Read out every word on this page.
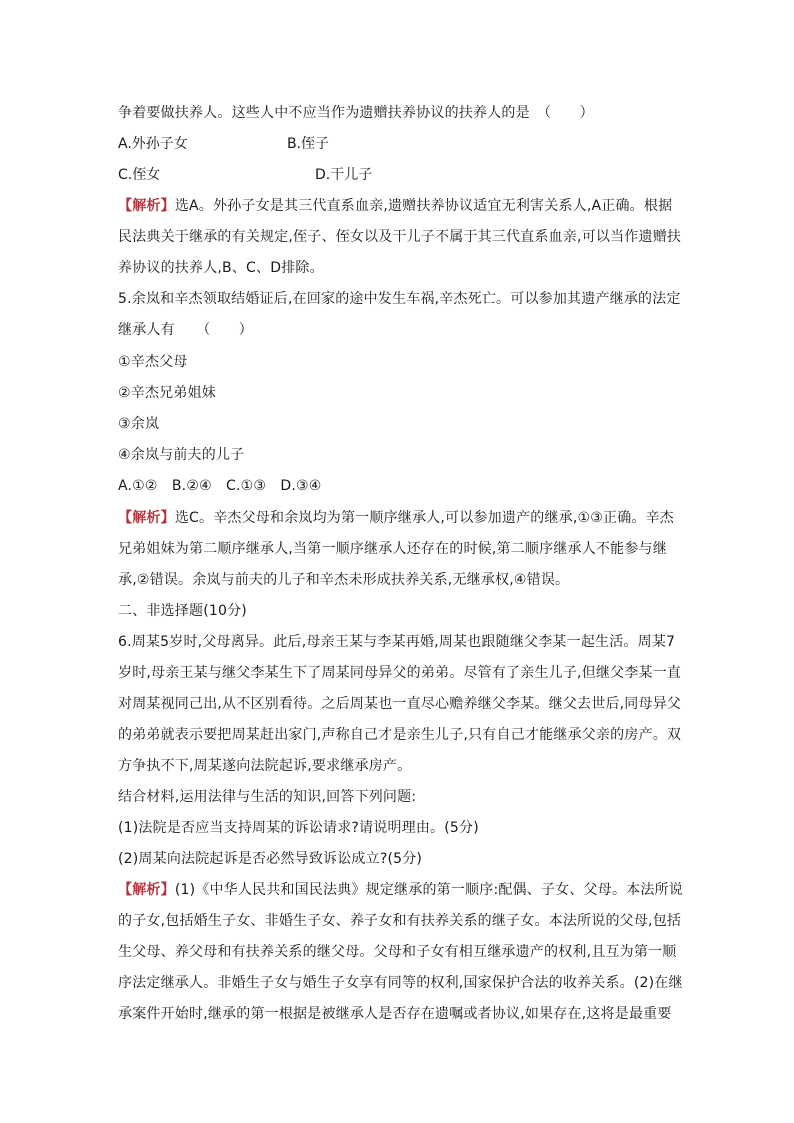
争着要做扶养人。这些人中不应当作为遗赠扶养协议的扶养人的是　（　　）
A.外孙子女	B.侄子
C.侄女	D.干儿子
【解析】选A。外孙子女是其三代直系血亲,遗赠扶养协议适宜无利害关系人,A正确。根据
民法典关于继承的有关规定,侄子、侄女以及干儿子不属于其三代直系血亲,可以当作遗赠扶
养协议的扶养人,B、C、D排除。
5.余岚和辛杰领取结婚证后,在回家的途中发生车祸,辛杰死亡。可以参加其遗产继承的法定
继承人有　　（　　）
①辛杰父母
②辛杰兄弟姐妹
③余岚
④余岚与前夫的儿子
A.①②　B.②④　C.①③　D.③④
【解析】选C。辛杰父母和余岚均为第一顺序继承人,可以参加遗产的继承,①③正确。辛杰
兄弟姐妹为第二顺序继承人,当第一顺序继承人还存在的时候,第二顺序继承人不能参与继
承,②错误。余岚与前夫的儿子和辛杰未形成扶养关系,无继承权,④错误。
二、非选择题(10分)
6.周某5岁时,父母离异。此后,母亲王某与李某再婚,周某也跟随继父李某一起生活。周某7
岁时,母亲王某与继父李某生下了周某同母异父的弟弟。尽管有了亲生儿子,但继父李某一直
对周某视同己出,从不区别看待。之后周某也一直尽心赡养继父李某。继父去世后,同母异父
的弟弟就表示要把周某赶出家门,声称自己才是亲生儿子,只有自己才能继承父亲的房产。双
方争执不下,周某遂向法院起诉,要求继承房产。
结合材料,运用法律与生活的知识,回答下列问题:
(1)法院是否应当支持周某的诉讼请求?请说明理由。(5分)
(2)周某向法院起诉是否必然导致诉讼成立?(5分)
【解析】(1)《中华人民共和国民法典》规定继承的第一顺序:配偶、子女、父母。本法所说
的子女,包括婚生子女、非婚生子女、养子女和有扶养关系的继子女。本法所说的父母,包括
生父母、养父母和有扶养关系的继父母。父母和子女有相互继承遗产的权利,且互为第一顺
序法定继承人。非婚生子女与婚生子女享有同等的权利,国家保护合法的收养关系。(2)在继
承案件开始时,继承的第一根据是被继承人是否存在遗嘱或者协议,如果存在,这将是最重要
